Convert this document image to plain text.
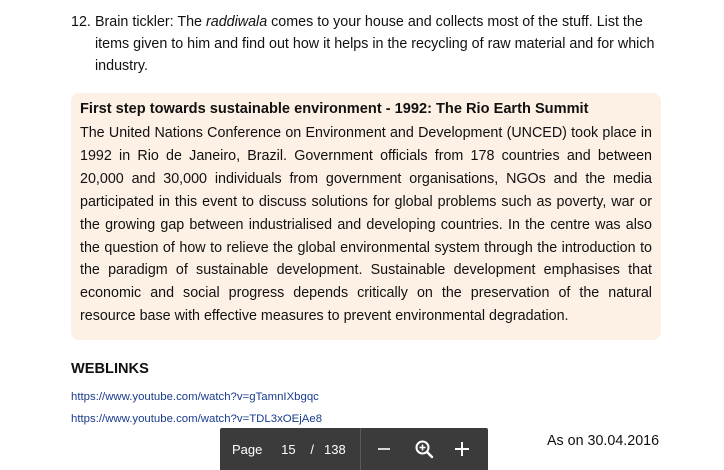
12. Brain tickler: The raddiwala comes to your house and collects most of the stuff. List the items given to him and find out how it helps in the recycling of raw material and for which industry.
First step towards sustainable environment - 1992: The Rio Earth Summit

The United Nations Conference on Environment and Development (UNCED) took place in 1992 in Rio de Janeiro, Brazil. Government officials from 178 countries and between 20,000 and 30,000 individuals from government organisations, NGOs and the media participated in this event to discuss solutions for global problems such as poverty, war or the growing gap between industrialised and developing countries. In the centre was also the question of how to relieve the global environmental system through the introduction to the paradigm of sustainable development. Sustainable development emphasises that economic and social progress depends critically on the preservation of the natural resource base with effective measures to prevent environmental degradation.

WEBLINKS
https://www.youtube.com/watch?v=gTamnIXbgqc
https://www.youtube.com/watch?v=TDL3xOEjAe8
As on 30.04.2016
Page	15	/ 138
